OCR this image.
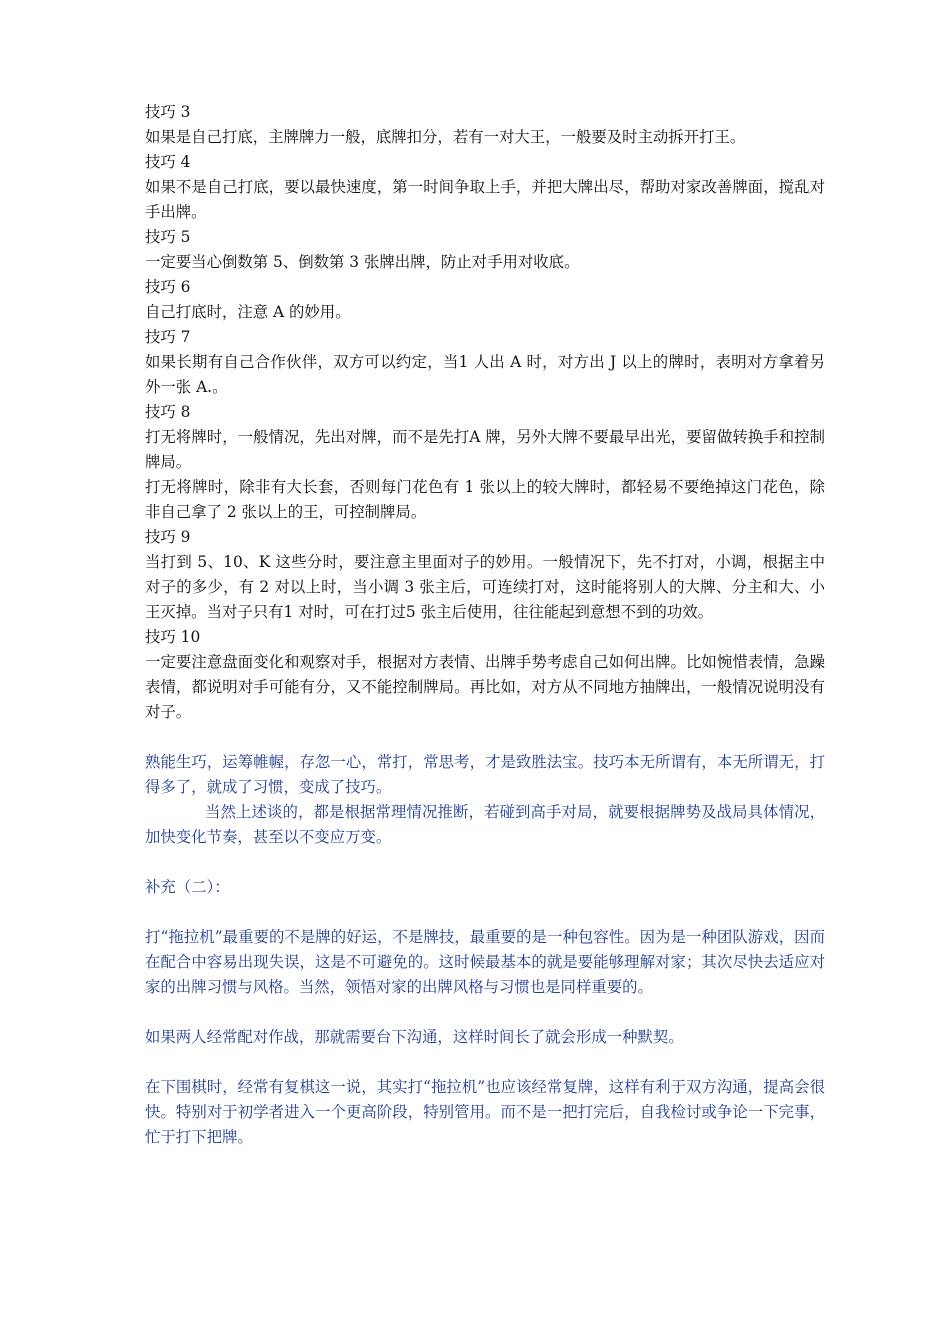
技巧 3

如果是自己打底，主牌牌力一般，底牌扣分，若有一对大王，一般要及时主动拆开打王。

技巧 4

如果不是自己打底，要以最快速度，第一时间争取上手，并把大牌出尽，帮助对家改善牌面，搅乱对手出牌。

技巧 5

一定要当心倒数第 5、倒数第 3 张牌出牌，防止对手用对收底。

技巧 6

自己打底时，注意 A 的妙用。

技巧 7

如果长期有自己合作伙伴，双方可以约定，当1 人出 A 时，对方出 J 以上的牌时，表明对方拿着另外一张 A.。

技巧 8

打无将牌时，一般情况，先出对牌，而不是先打A 牌，另外大牌不要最早出光，要留做转换手和控制牌局。

打无将牌时，除非有大长套，否则每门花色有 1 张以上的较大牌时，都轻易不要绝掉这门花色，除非自己拿了 2 张以上的王，可控制牌局。

技巧 9

当打到 5、10、K 这些分时，要注意主里面对子的妙用。一般情况下，先不打对，小调，根据主中对子的多少，有 2 对以上时，当小调 3 张主后，可连续打对，这时能将别人的大牌、分主和大、小王灭掉。当对子只有1 对时，可在打过5 张主后使用，往往能起到意想不到的功效。

技巧 10

一定要注意盘面变化和观察对手，根据对方表情、出牌手势考虑自己如何出牌。比如惋惜表情，急躁表情，都说明对手可能有分，又不能控制牌局。再比如，对方从不同地方抽牌出，一般情况说明没有对子。

熟能生巧，运筹帷幄，存忽一心，常打，常思考，才是致胜法宝。技巧本无所谓有，本无所谓无，打得多了，就成了习惯，变成了技巧。

当然上述谈的，都是根据常理情况推断，若碰到高手对局，就要根据牌势及战局具体情况，加快变化节奏，甚至以不变应万变。

补充（二）：

打“拖拉机”最重要的不是牌的好运，不是牌技，最重要的是一种包容性。因为是一种团队游戏，因而在配合中容易出现失误，这是不可避免的。这时候最基本的就是要能够理解对家；其次尽快去适应对家的出牌习惯与风格。当然，领悟对家的出牌风格与习惯也是同样重要的。

如果两人经常配对作战，那就需要台下沟通，这样时间长了就会形成一种默契。

在下围棋时，经常有复棋这一说，其实打“拖拉机”也应该经常复牌，这样有利于双方沟通，提高会很快。特别对于初学者进入一个更高阶段，特别管用。而不是一把打完后，自我检讨或争论一下完事，忙于打下把牌。
